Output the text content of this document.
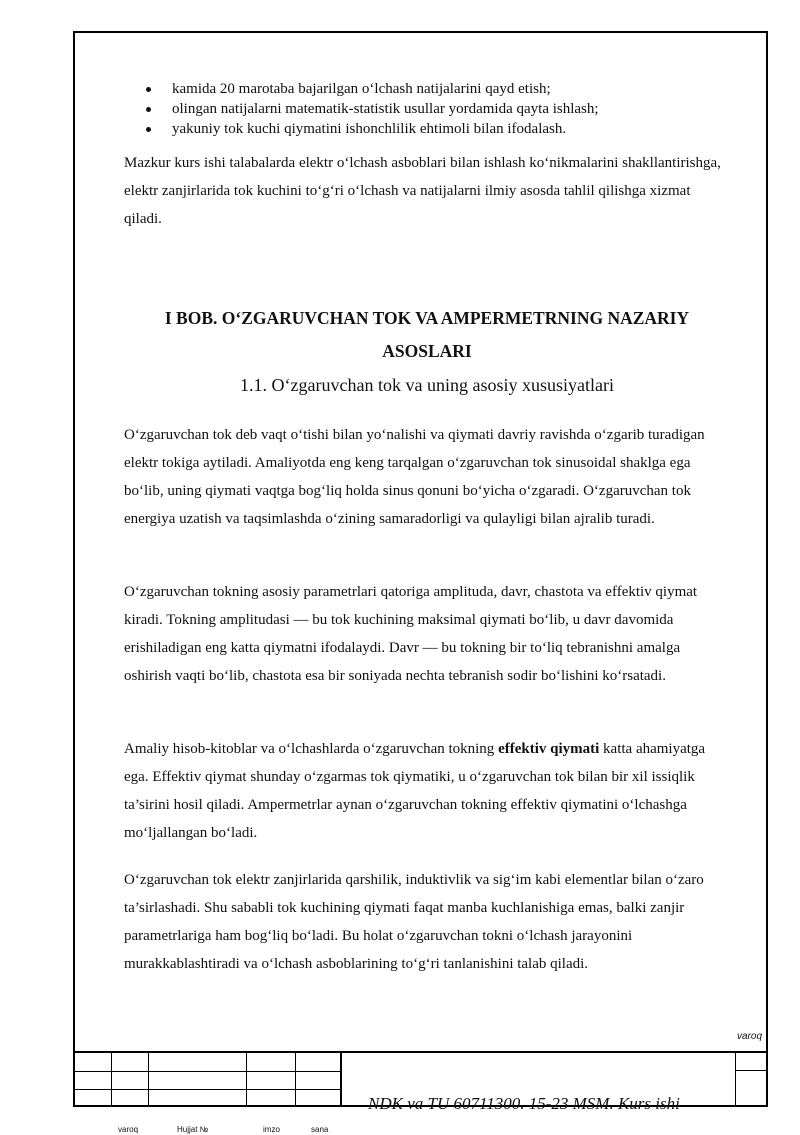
kamida 20 marotaba bajarilgan o‘lchash natijalarini qayd etish;
olingan natijalarni matematik-statistik usullar yordamida qayta ishlash;
yakuniy tok kuchi qiymatini ishonchlilik ehtimoli bilan ifodalash.

Mazkur kurs ishi talabalarda elektr o‘lchash asboblari bilan ishlash ko‘nikmalarini shakllantirishga, elektr zanjirlarida tok kuchini to‘g‘ri o‘lchash va natijalarni ilmiy asosda tahlil qilishga xizmat qiladi.

I BOB. O‘ZGARUVCHAN TOK VA AMPERMETRNING NAZARIY ASOSLARI
1.1. O‘zgaruvchan tok va uning asosiy xususiyatlari

O‘zgaruvchan tok deb vaqt o‘tishi bilan yo‘nalishi va qiymati davriy ravishda o‘zgarib turadigan elektr tokiga aytiladi. Amaliyotda eng keng tarqalgan o‘zgaruvchan tok sinusoidal shaklga ega bo‘lib, uning qiymati vaqtga bog‘liq holda sinus qonuni bo‘yicha o‘zgaradi. O‘zgaruvchan tok energiya uzatish va taqsimlashda o‘zining samaradorligi va qulayligi bilan ajralib turadi.

O‘zgaruvchan tokning asosiy parametrlari qatoriga amplituda, davr, chastota va effektiv qiymat kiradi. Tokning amplitudasi — bu tok kuchining maksimal qiymati bo‘lib, u davr davomida erishiladigan eng katta qiymatni ifodalaydi. Davr — bu tokning bir to‘liq tebranishni amalga oshirish vaqti bo‘lib, chastota esa bir soniyada nechta tebranish sodir bo‘lishini ko‘rsatadi.

Amaliy hisob-kitoblar va o‘lchashlarda o‘zgaruvchan tokning effektiv qiymati katta ahamiyatga ega. Effektiv qiymat shunday o‘zgarmas tok qiymatiki, u o‘zgaruvchan tok bilan bir xil issiqlik ta’sirini hosil qiladi. Ampermetrlar aynan o‘zgaruvchan tokning effektiv qiymatini o‘lchashga mo‘ljallangan bo‘ladi.

O‘zgaruvchan tok elektr zanjirlarida qarshilik, induktivlik va sig‘im kabi elementlar bilan o‘zaro ta’sirlashadi. Shu sababli tok kuchining qiymati faqat manba kuchlanishiga emas, balki zanjir parametrlariga ham bog‘liq bo‘ladi. Bu holat o‘zgaruvchan tokni o‘lchash jarayonini murakkablashtiradi va o‘lchash asboblarining to‘g‘ri tanlanishini talab qiladi.

varoq
NDK va TU 60711300. 15-23 MSM. Kurs ishi
varoq	Hujjat №	imzo	sana
